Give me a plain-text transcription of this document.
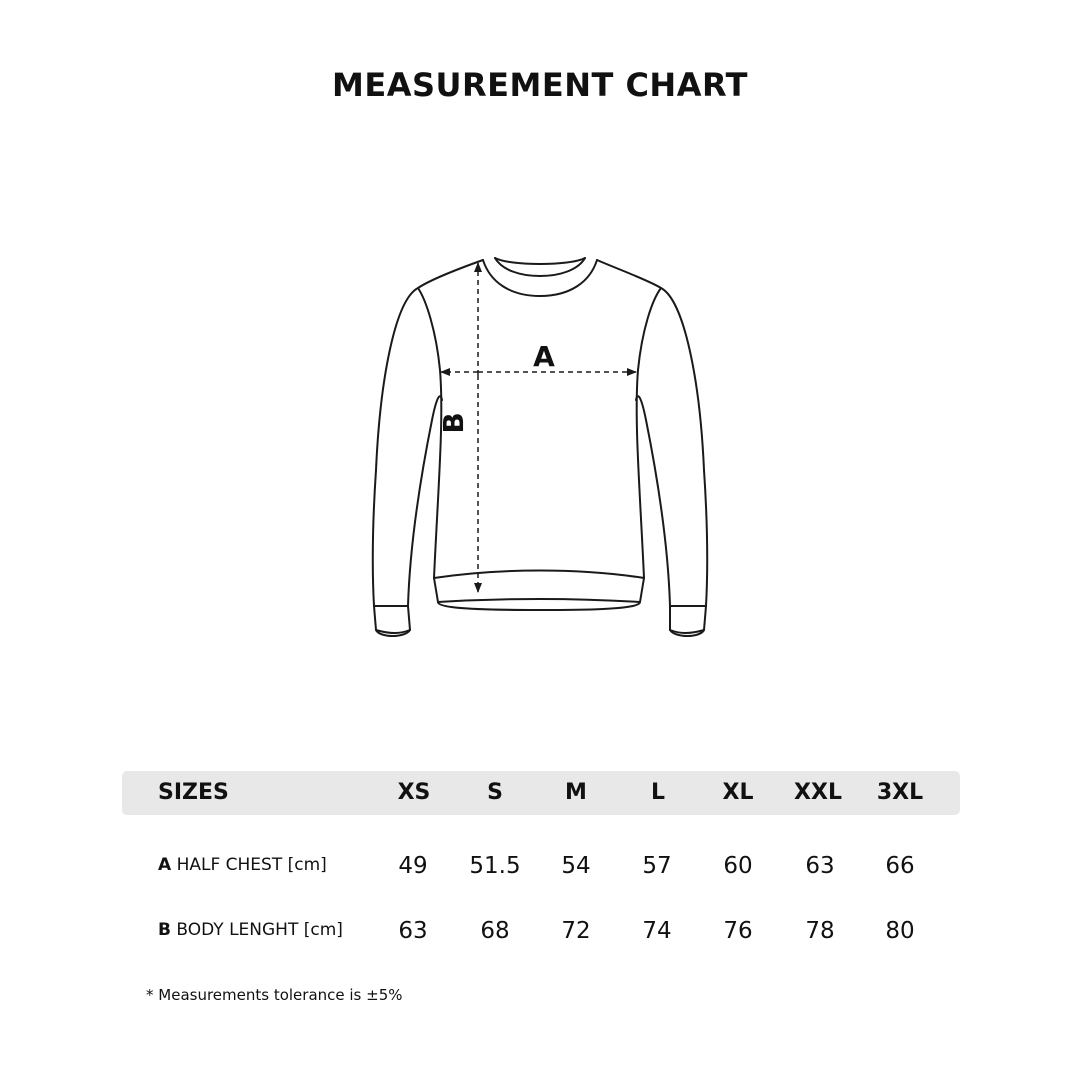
MEASUREMENT CHART
A
B
SIZES	XS	S	M	L	XL	XXL	3XL
A HALF CHEST [cm]	49	51.5	54	57	60	63	66
B BODY LENGHT [cm]	63	68	72	74	76	78	80
* Measurements tolerance is ±5%
